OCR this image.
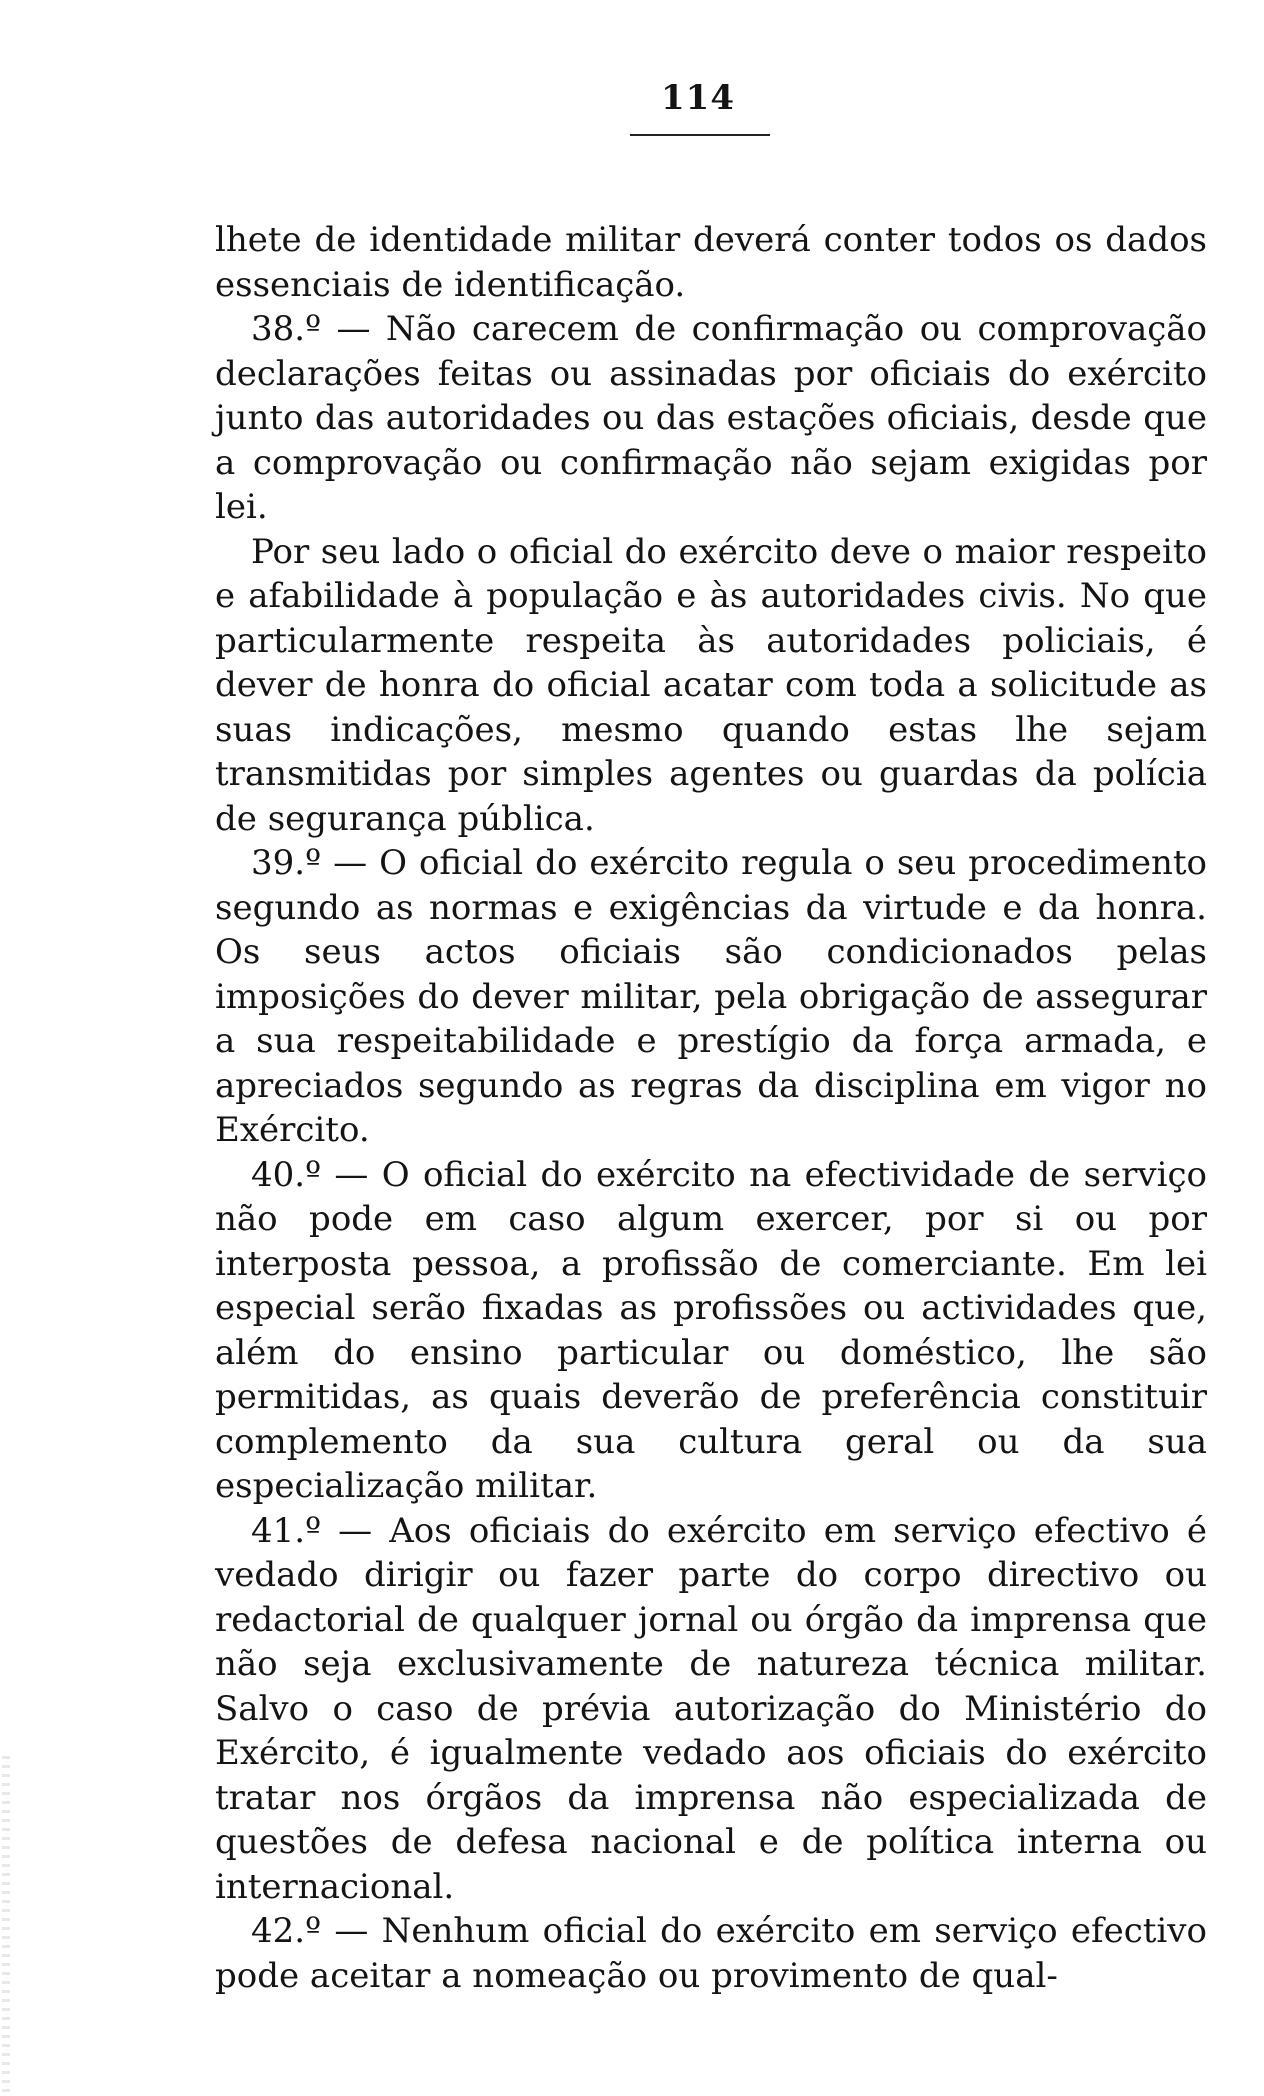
114

lhete de identidade militar deverá conter todos os dados essenciais de identificação.

38.º — Não carecem de confirmação ou comprovação declarações feitas ou assinadas por oficiais do exército junto das autoridades ou das estações oficiais, desde que a comprovação ou confirmação não sejam exigidas por lei.

Por seu lado o oficial do exército deve o maior respeito e afabilidade à população e às autoridades civis. No que particularmente respeita às autoridades policiais, é dever de honra do oficial acatar com toda a solicitude as suas indicações, mesmo quando estas lhe sejam transmitidas por simples agentes ou guardas da polícia de segurança pública.

39.º — O oficial do exército regula o seu procedimento segundo as normas e exigências da virtude e da honra. Os seus actos oficiais são condicionados pelas imposições do dever militar, pela obrigação de assegurar a sua respeitabilidade e prestígio da força armada, e apreciados segundo as regras da disciplina em vigor no Exército.

40.º — O oficial do exército na efectividade de serviço não pode em caso algum exercer, por si ou por interposta pessoa, a profissão de comerciante. Em lei especial serão fixadas as profissões ou actividades que, além do ensino particular ou doméstico, lhe são permitidas, as quais deverão de preferência constituir complemento da sua cultura geral ou da sua especialização militar.

41.º — Aos oficiais do exército em serviço efectivo é vedado dirigir ou fazer parte do corpo directivo ou redactorial de qualquer jornal ou órgão da imprensa que não seja exclusivamente de natureza técnica militar. Salvo o caso de prévia autorização do Ministério do Exército, é igualmente vedado aos oficiais do exército tratar nos órgãos da imprensa não especializada de questões de defesa nacional e de política interna ou internacional.

42.º — Nenhum oficial do exército em serviço efectivo pode aceitar a nomeação ou provimento de qual-
